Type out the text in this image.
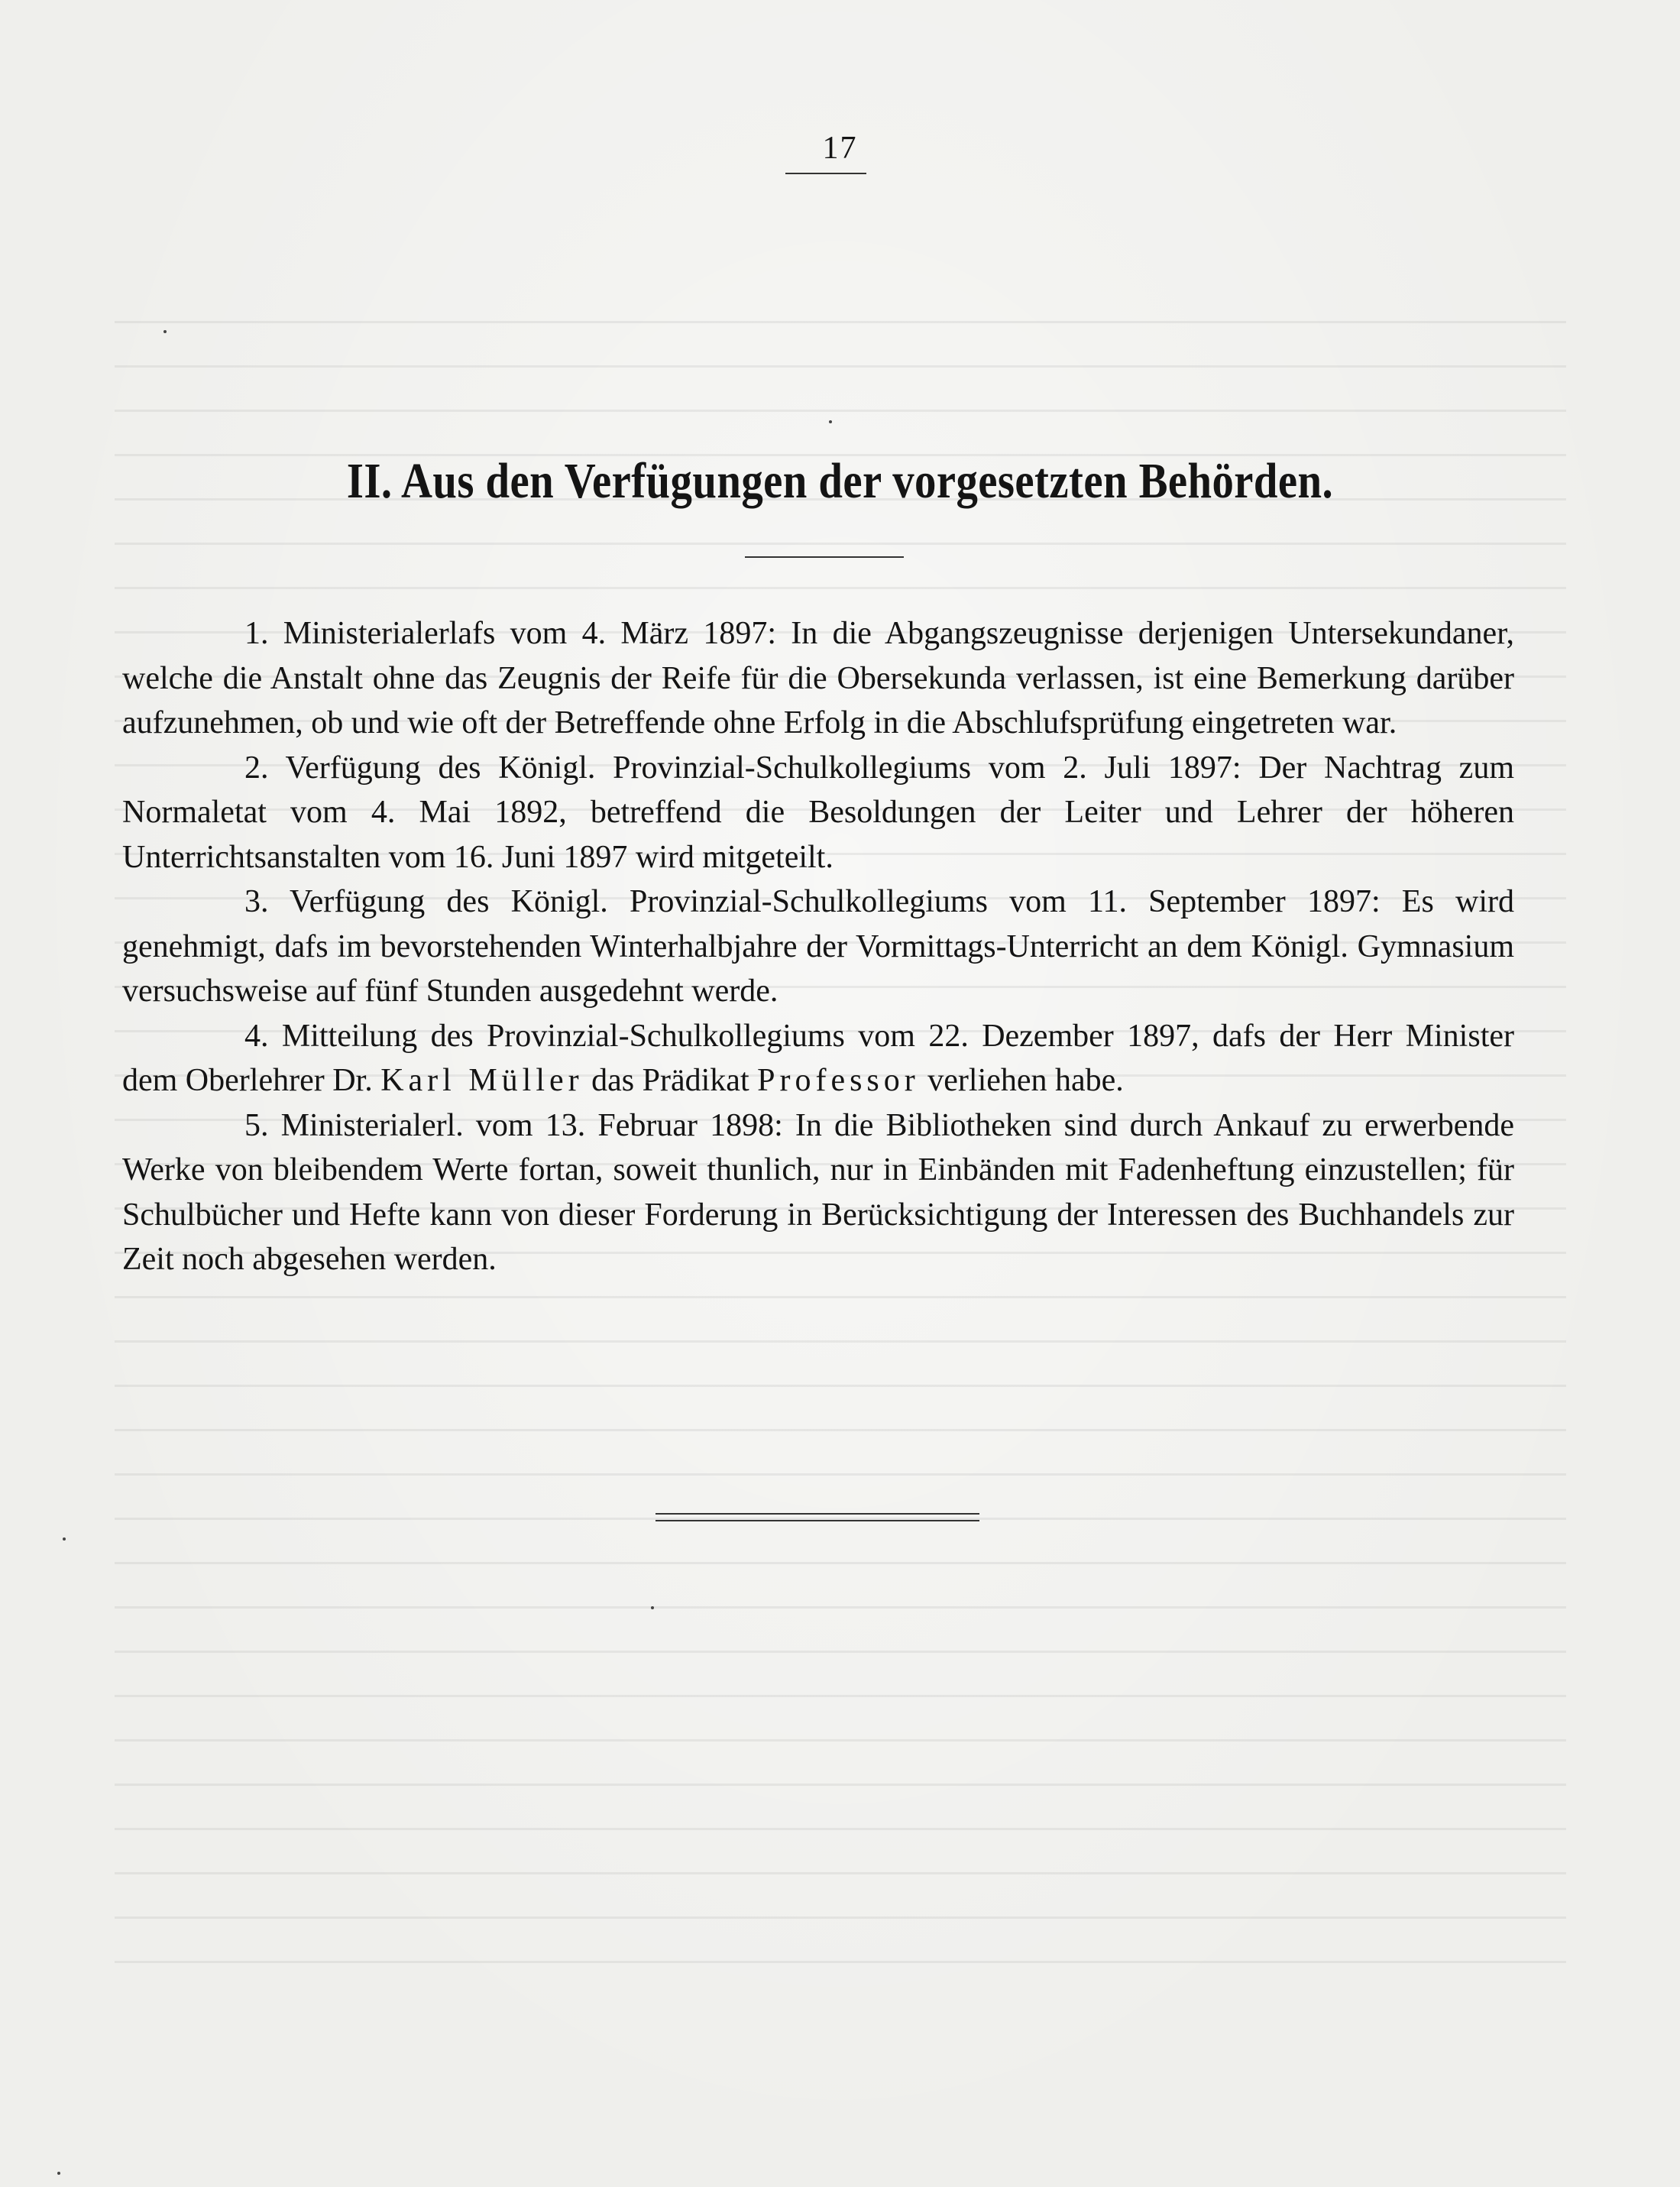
17
II. Aus den Verfügungen der vorgesetzten Behörden.

1. Ministerialerlafs vom 4. März 1897: In die Abgangszeugnisse derjenigen Untersekundaner, welche die Anstalt ohne das Zeugnis der Reife für die Obersekunda verlassen, ist eine Bemerkung darüber aufzunehmen, ob und wie oft der Betreffende ohne Erfolg in die Abschlufsprüfung eingetreten war.

2. Verfügung des Königl. Provinzial-Schulkollegiums vom 2. Juli 1897: Der Nachtrag zum Normaletat vom 4. Mai 1892, betreffend die Besoldungen der Leiter und Lehrer der höheren Unterrichtsanstalten vom 16. Juni 1897 wird mitgeteilt.

3. Verfügung des Königl. Provinzial-Schulkollegiums vom 11. September 1897: Es wird genehmigt, dafs im bevorstehenden Winterhalbjahre der Vormittags-Unterricht an dem Königl. Gymnasium versuchsweise auf fünf Stunden ausgedehnt werde.

4. Mitteilung des Provinzial-Schulkollegiums vom 22. Dezember 1897, dafs der Herr Minister dem Oberlehrer Dr. Karl Müller das Prädikat Professor verliehen habe.

5. Ministerialerl. vom 13. Februar 1898: In die Bibliotheken sind durch Ankauf zu erwerbende Werke von bleibendem Werte fortan, soweit thunlich, nur in Einbänden mit Fadenheftung einzustellen; für Schulbücher und Hefte kann von dieser Forderung in Berücksichtigung der Interessen des Buchhandels zur Zeit noch abgesehen werden.
